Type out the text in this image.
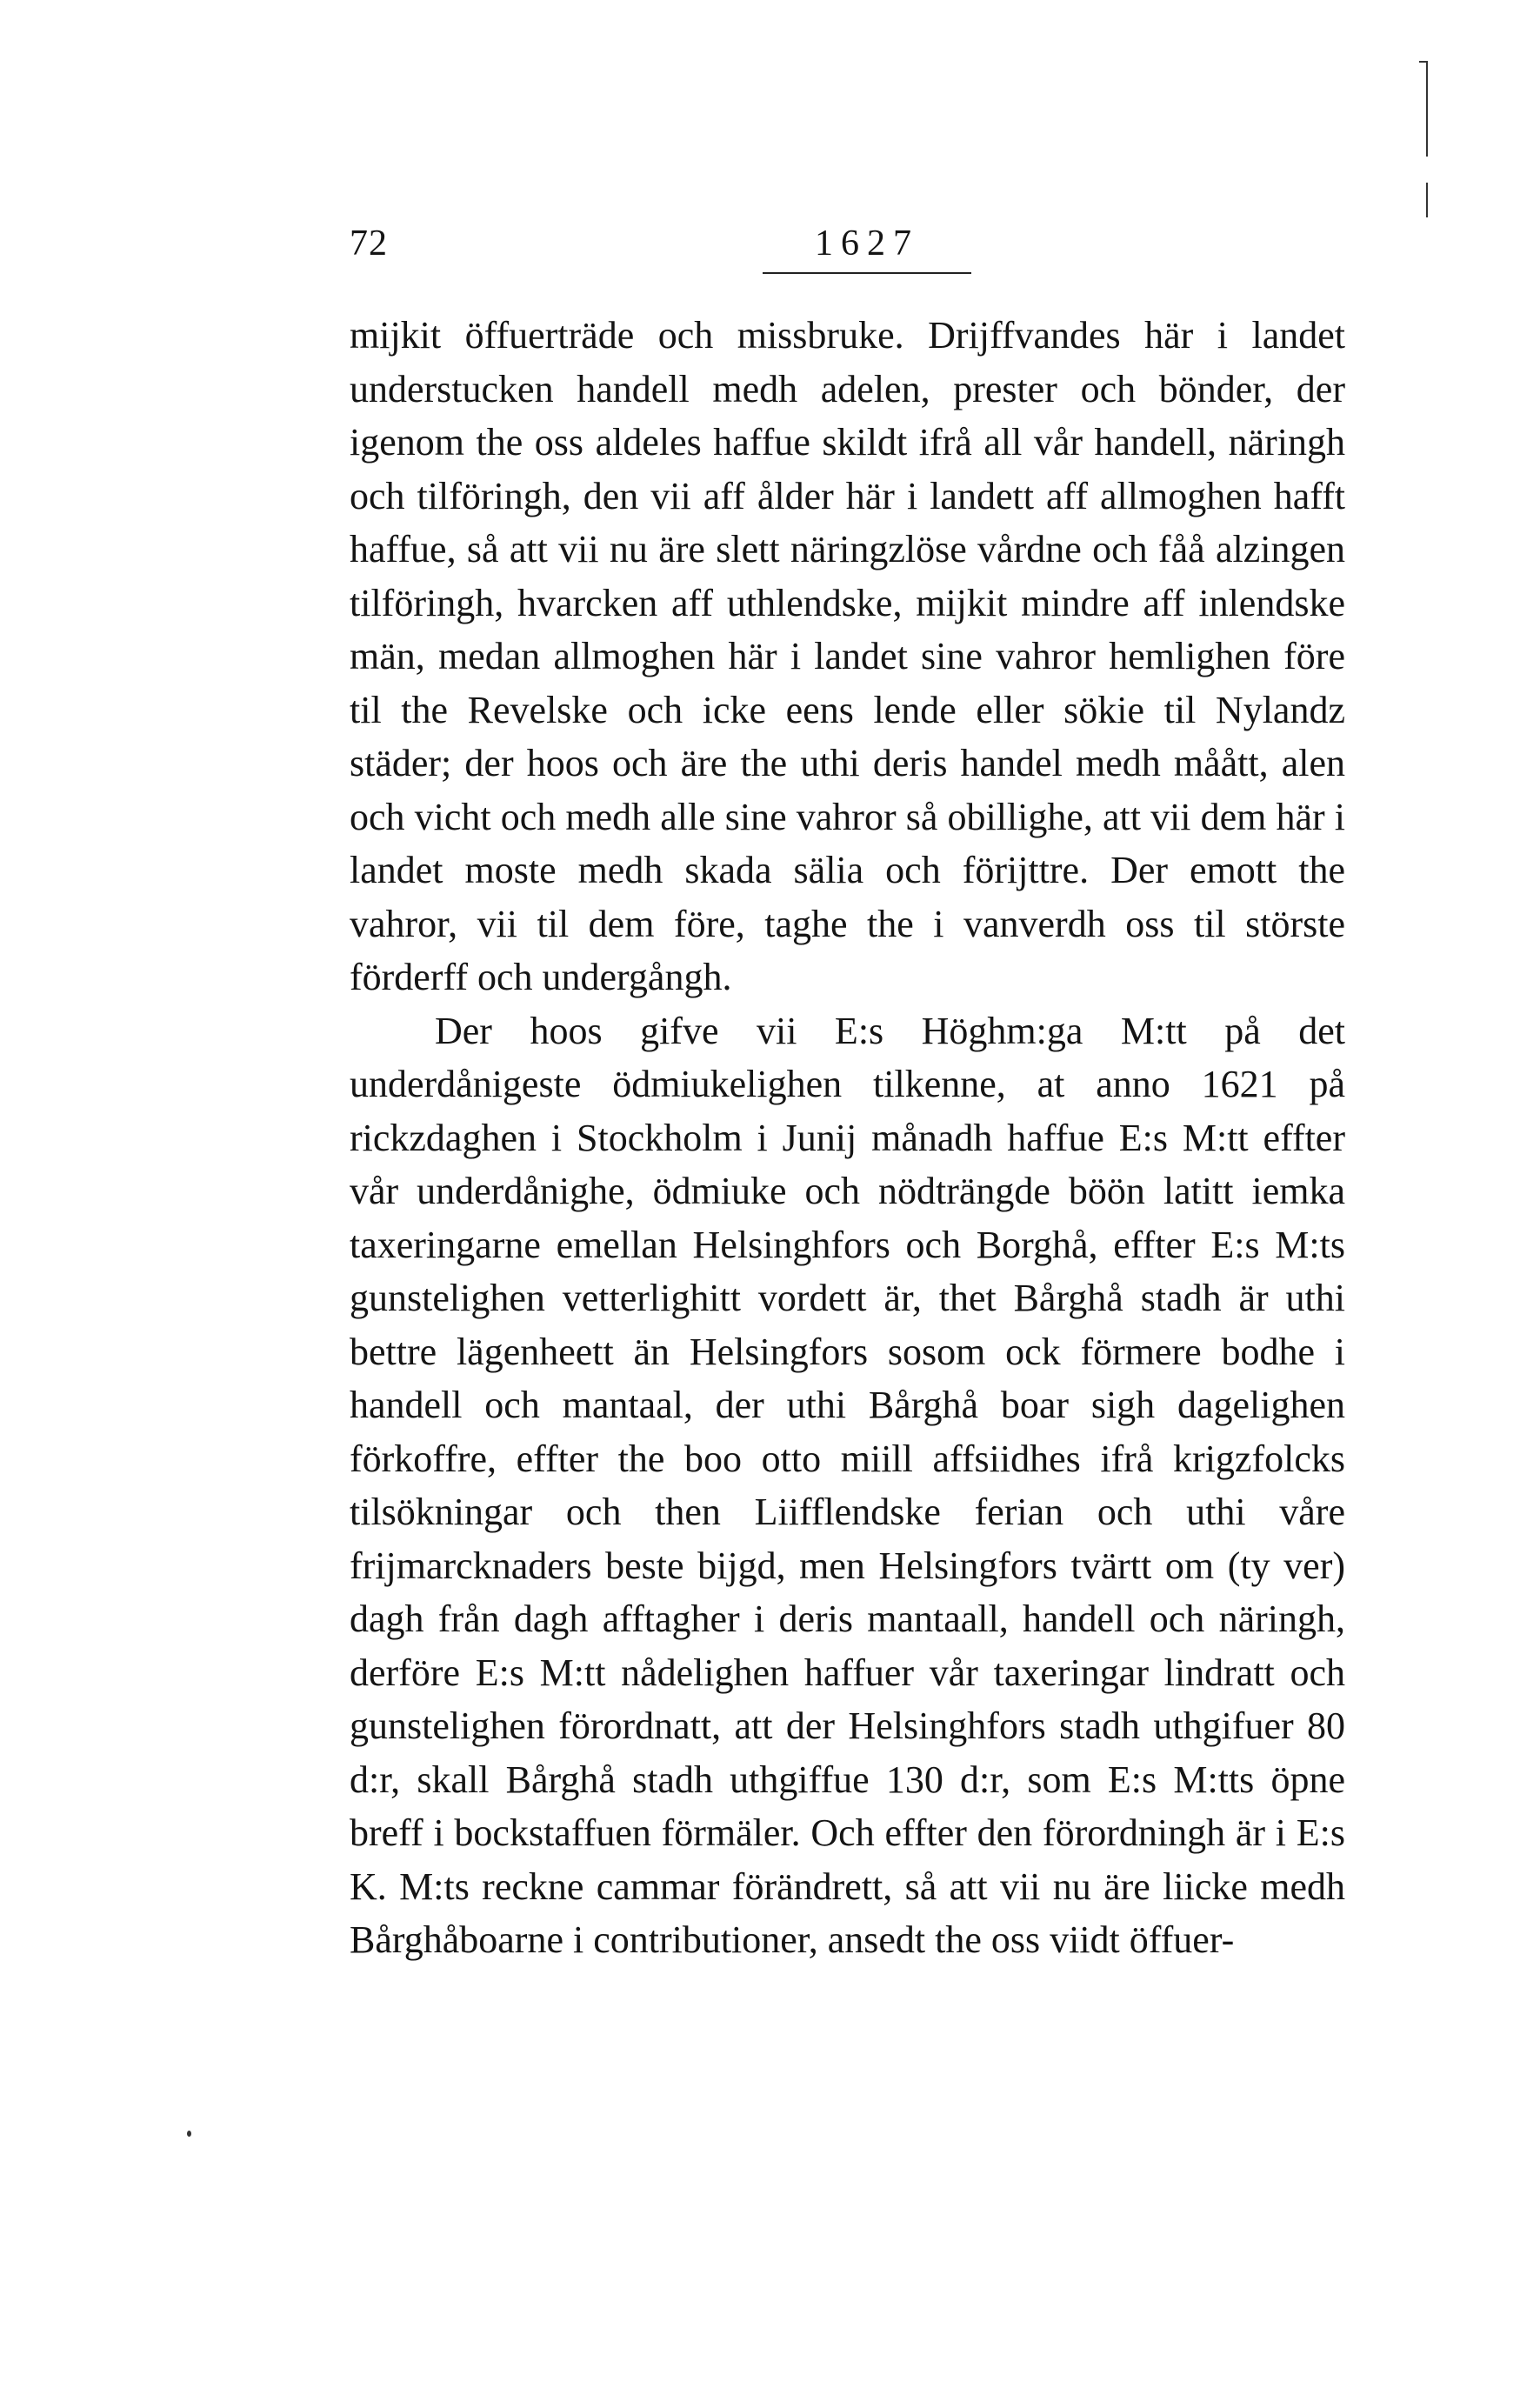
72	1627

mijkit öffuerträde och missbruke. Drijffvandes här i landet understucken handell medh adelen, prester och bönder, der igenom the oss aldeles haffue skildt ifrå all vår handell, näringh och tilföringh, den vii aff ålder här i landett aff allmoghen hafft haffue, så att vii nu äre slett näringzlöse vårdne och fåå alzingen tilföringh, hvarcken aff uthlendske, mijkit mindre aff inlendske män, medan allmoghen här i landet sine vahror hemlighen före til the Revelske och icke eens lende eller sökie til Nylandz städer; der hoos och äre the uthi deris handel medh måått, alen och vicht och medh alle sine vahror så obillighe, att vii dem här i landet moste medh skada sälia och förijttre. Der emott the vahror, vii til dem före, taghe the i vanverdh oss til störste förderff och undergångh.

Der hoos gifve vii E:s Höghm:ga M:tt på det underdånigeste ödmiukelighen tilkenne, at anno 1621 på rickzdaghen i Stockholm i Junij månadh haffue E:s M:tt effter vår underdånighe, ödmiuke och nödträngde böön latitt iemka taxeringarne emellan Helsinghfors och Borghå, effter E:s M:ts gunstelighen vetterlighitt vordett är, thet Bårghå stadh är uthi bettre lägenheett än Helsingfors sosom ock förmere bodhe i handell och mantaal, der uthi Bårghå boar sigh dagelighen förkoffre, effter the boo otto miill affsiidhes ifrå krigzfolcks tilsökningar och then Liifflendske ferian och uthi våre frijmarcknaders beste bijgd, men Helsingfors tvärtt om (ty ver) dagh från dagh afftagher i deris mantaall, handell och näringh, derföre E:s M:tt nådelighen haffuer vår taxeringar lindratt och gunstelighen förordnatt, att der Helsinghfors stadh uthgifuer 80 d:r, skall Bårghå stadh uthgiffue 130 d:r, som E:s M:tts öpne breff i bockstaffuen förmäler. Och effter den förordningh är i E:s K. M:ts reckne cammar förändrett, så att vii nu äre liicke medh Bårghåboarne i contributioner, ansedt the oss viidt öffuer-
